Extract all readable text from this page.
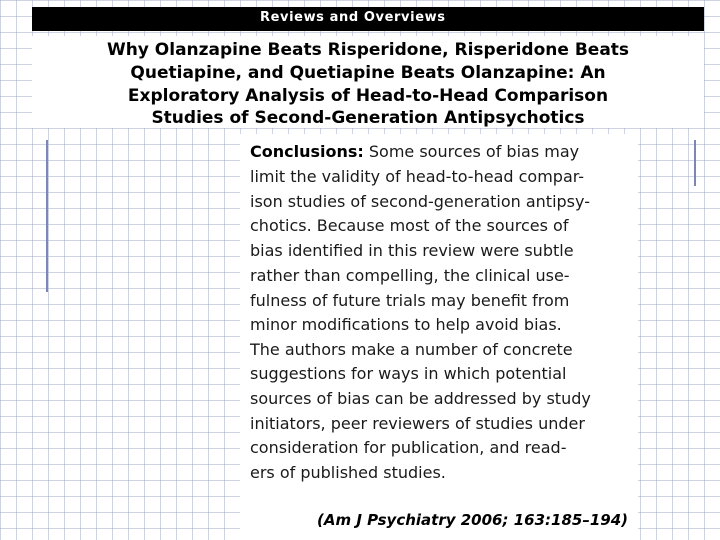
Reviews and Overviews
Why Olanzapine Beats Risperidone, Risperidone Beats
Quetiapine, and Quetiapine Beats Olanzapine: An
Exploratory Analysis of Head-to-Head Comparison
Studies of Second-Generation Antipsychotics
Conclusions: Some sources of bias may
limit the validity of head-to-head compar-
ison studies of second-generation antipsy-
chotics. Because most of the sources of
bias identified in this review were subtle
rather than compelling, the clinical use-
fulness of future trials may benefit from
minor modifications to help avoid bias.
The authors make a number of concrete
suggestions for ways in which potential
sources of bias can be addressed by study
initiators, peer reviewers of studies under
consideration for publication, and read-
ers of published studies.
(Am J Psychiatry 2006; 163:185–194)
